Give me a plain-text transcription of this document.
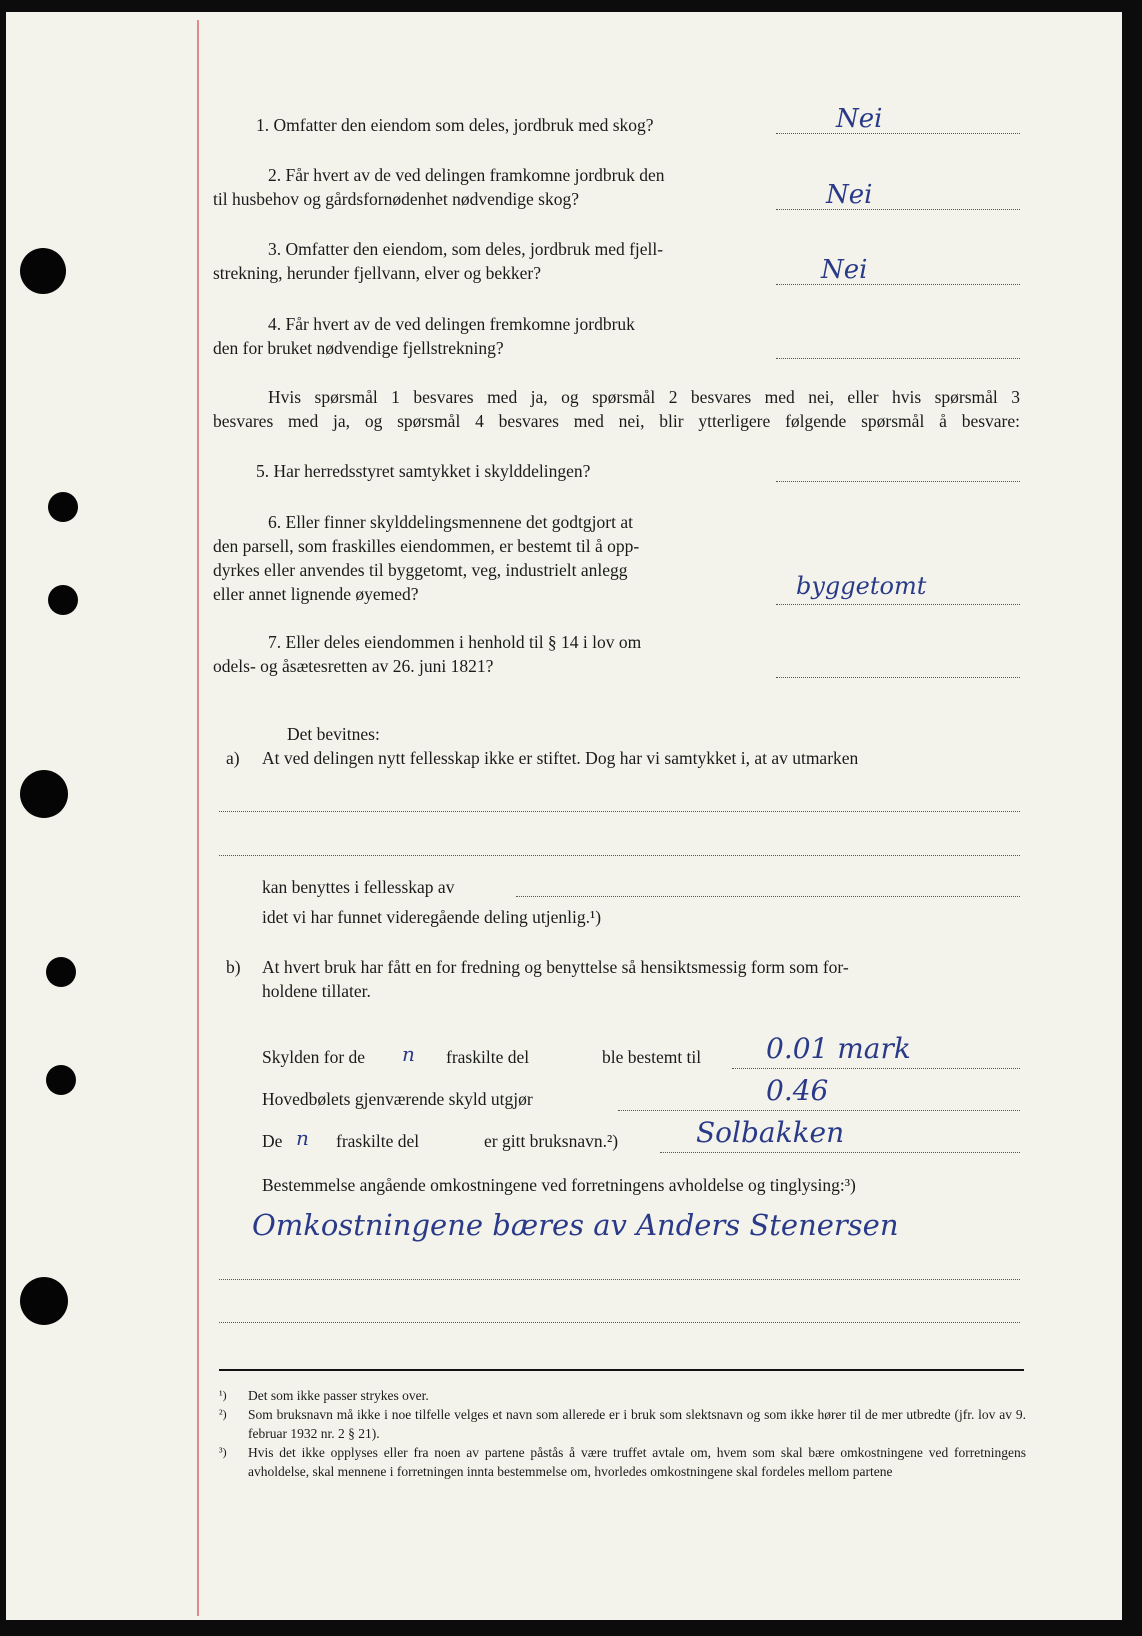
1. Omfatter den eiendom som deles, jordbruk med skog?	Nei
2. Får hvert av de ved delingen framkomne jordbruk den
til husbehov og gårdsfornødenhet nødvendige skog?	Nei
3. Omfatter den eiendom, som deles, jordbruk med fjell-
strekning, herunder fjellvann, elver og bekker?	Nei
4. Får hvert av de ved delingen fremkomne jordbruk
den for bruket nødvendige fjellstrekning?
Hvis spørsmål 1 besvares med ja, og spørsmål 2 besvares med nei, eller hvis spørsmål 3
besvares med ja, og spørsmål 4 besvares med nei, blir ytterligere følgende spørsmål å besvare:
5. Har herredsstyret samtykket i skylddelingen?
6. Eller finner skylddelingsmennene det godtgjort at
den parsell, som fraskilles eiendommen, er bestemt til å opp-
dyrkes eller anvendes til byggetomt, veg, industrielt anlegg
eller annet lignende øyemed?	byggetomt
7. Eller deles eiendommen i henhold til § 14 i lov om
odels- og åsætesretten av 26. juni 1821?
Det bevitnes:
a) At ved delingen nytt fellesskap ikke er stiftet. Dog har vi samtykket i, at av utmarken
kan benyttes i fellesskap av
idet vi har funnet videregående deling utjenlig.¹)
b) At hvert bruk har fått en for fredning og benyttelse så hensiktsmessig form som for-
holdene tillater.
Skylden for de n fraskilte del	ble bestemt til 0.01 mark
Hovedbølets gjenværende skyld utgjør	0.46
De n fraskilte del	er gitt bruksnavn.²)	Solbakken
Bestemmelse angående omkostningene ved forretningens avholdelse og tinglysing:³)
Omkostningene bæres av Anders Stenersen
¹) Det som ikke passer strykes over.
²) Som bruksnavn må ikke i noe tilfelle velges et navn som allerede er i bruk som slektsnavn og som ikke hører til de mer utbredte (jfr. lov av 9. februar 1932 nr. 2 § 21).
³) Hvis det ikke opplyses eller fra noen av partene påstås å være truffet avtale om, hvem som skal bære omkostningene ved forretningens avholdelse, skal mennene i forretningen innta bestemmelse om, hvorledes omkostningene skal fordeles mellom partene
